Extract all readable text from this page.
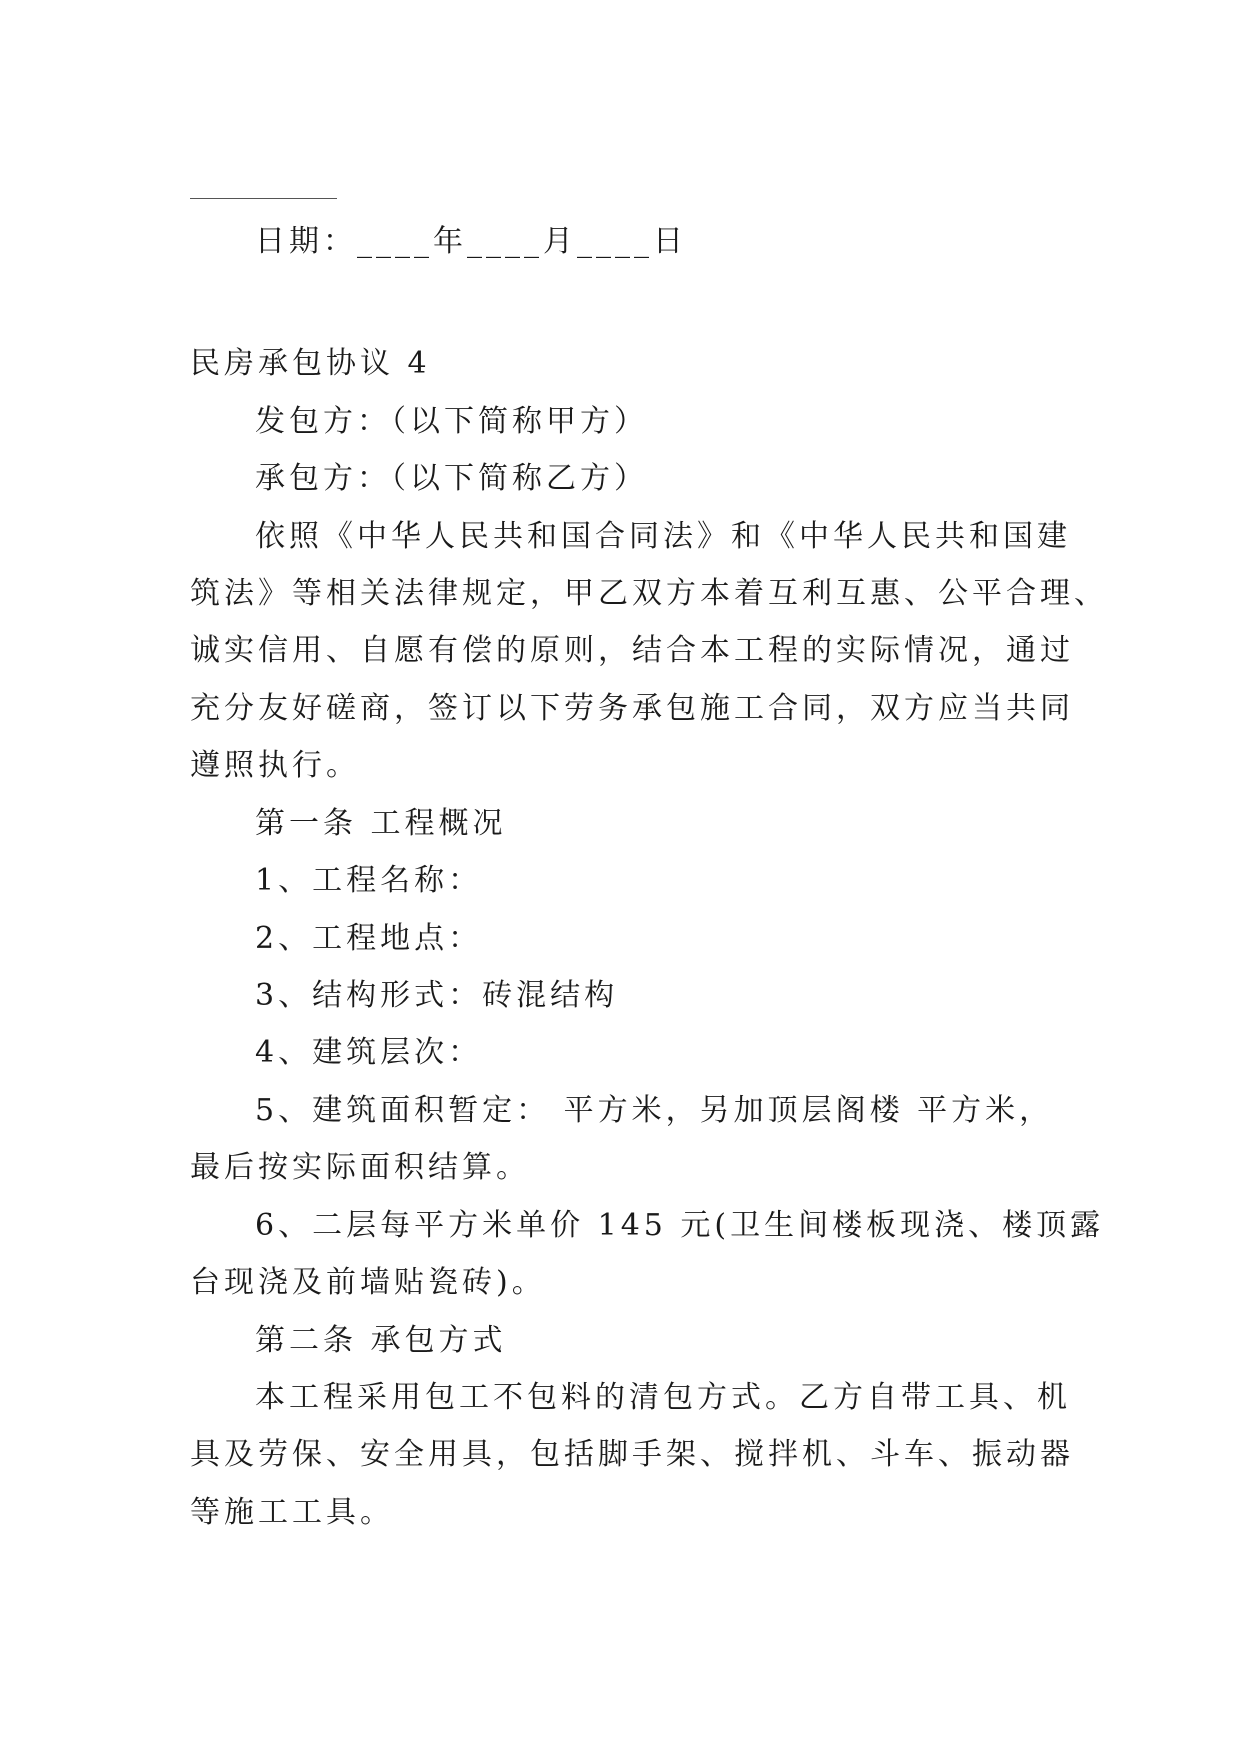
日期：____年____月____日
民房承包协议 4
发包方：（以下简称甲方）
承包方：（以下简称乙方）
依照《中华人民共和国合同法》和《中华人民共和国建
筑法》等相关法律规定，甲乙双方本着互利互惠、公平合理、
诚实信用、自愿有偿的原则，结合本工程的实际情况，通过
充分友好磋商，签订以下劳务承包施工合同，双方应当共同
遵照执行。
第一条 工程概况
1、工程名称：
2、工程地点：
3、结构形式：砖混结构
4、建筑层次：
5、建筑面积暂定： 平方米，另加顶层阁楼 平方米，
最后按实际面积结算。
6、二层每平方米单价 145 元(卫生间楼板现浇、楼顶露
台现浇及前墙贴瓷砖)。
第二条 承包方式
本工程采用包工不包料的清包方式。乙方自带工具、机
具及劳保、安全用具，包括脚手架、搅拌机、斗车、振动器
等施工工具。
